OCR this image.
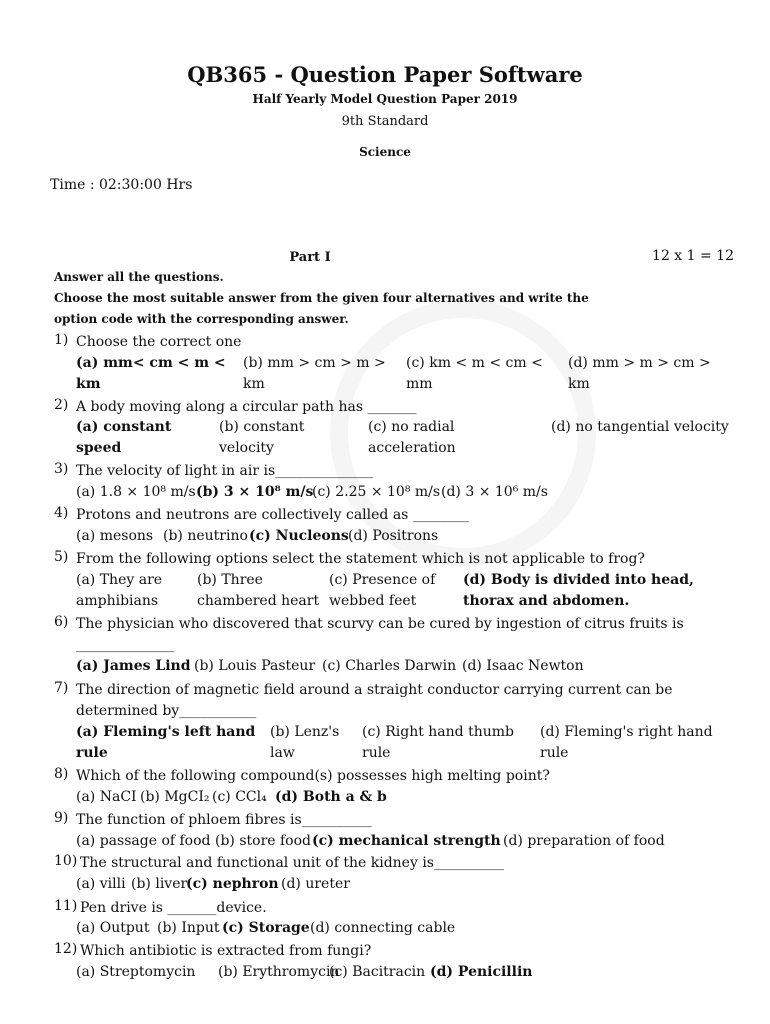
QB365 - Question Paper Software
Half Yearly Model Question Paper 2019
9th Standard
Science
Time : 02:30:00 Hrs
Part I	12 x 1 = 12
Answer all the questions.
Choose the most suitable answer from the given four alternatives and write the
option code with the corresponding answer.
1) Choose the correct one
(a) mm< cm < m <
km
(b) mm > cm > m >
km
(c) km < m < cm <
mm
(d) mm > m > cm >
km
2) A body moving along a circular path has _______
(a) constant
speed
(b) constant
velocity
(c) no radial
acceleration
(d) no tangential velocity
3) The velocity of light in air is______________
(a) 1.8 × 10⁸ m/s (b) 3 × 10⁸ m/s
(c) 2.25 × 10⁸ m/s (d) 3 × 10⁶ m/s
4) Protons and neutrons are collectively called as ________
(a) mesons (b) neutrino (c) Nucleons (d) Positrons
5) From the following options select the statement which is not applicable to frog?
(a) They are
amphibians
(b) Three
chambered heart
(c) Presence of
webbed feet
(d) Body is divided into head,
thorax and abdomen.
6) The physician who discovered that scurvy can be cured by ingestion of citrus fruits is
______________
(a) James Lind (b) Louis Pasteur (c) Charles Darwin (d) Isaac Newton
7) The direction of magnetic field around a straight conductor carrying current can be
determined by___________
(a) Fleming's left hand
rule
(b) Lenz's
law
(c) Right hand thumb
rule
(d) Fleming's right hand
rule
8) Which of the following compound(s) possesses high melting point?
(a) NaCI (b) MgCI₂ (c) CCl₄ (d) Both a & b
9) The function of phloem fibres is__________
(a) passage of food (b) store food (c) mechanical strength (d) preparation of food
10) The structural and functional unit of the kidney is__________
(a) villi (b) liver
(c) nephron (d) ureter
11) Pen drive is _______device.
(a) Output (b) Input (c) Storage (d) connecting cable
12) Which antibiotic is extracted from fungi?
(a) Streptomycin (b) Erythromycin
(c) Bacitracin (d) Penicillin
